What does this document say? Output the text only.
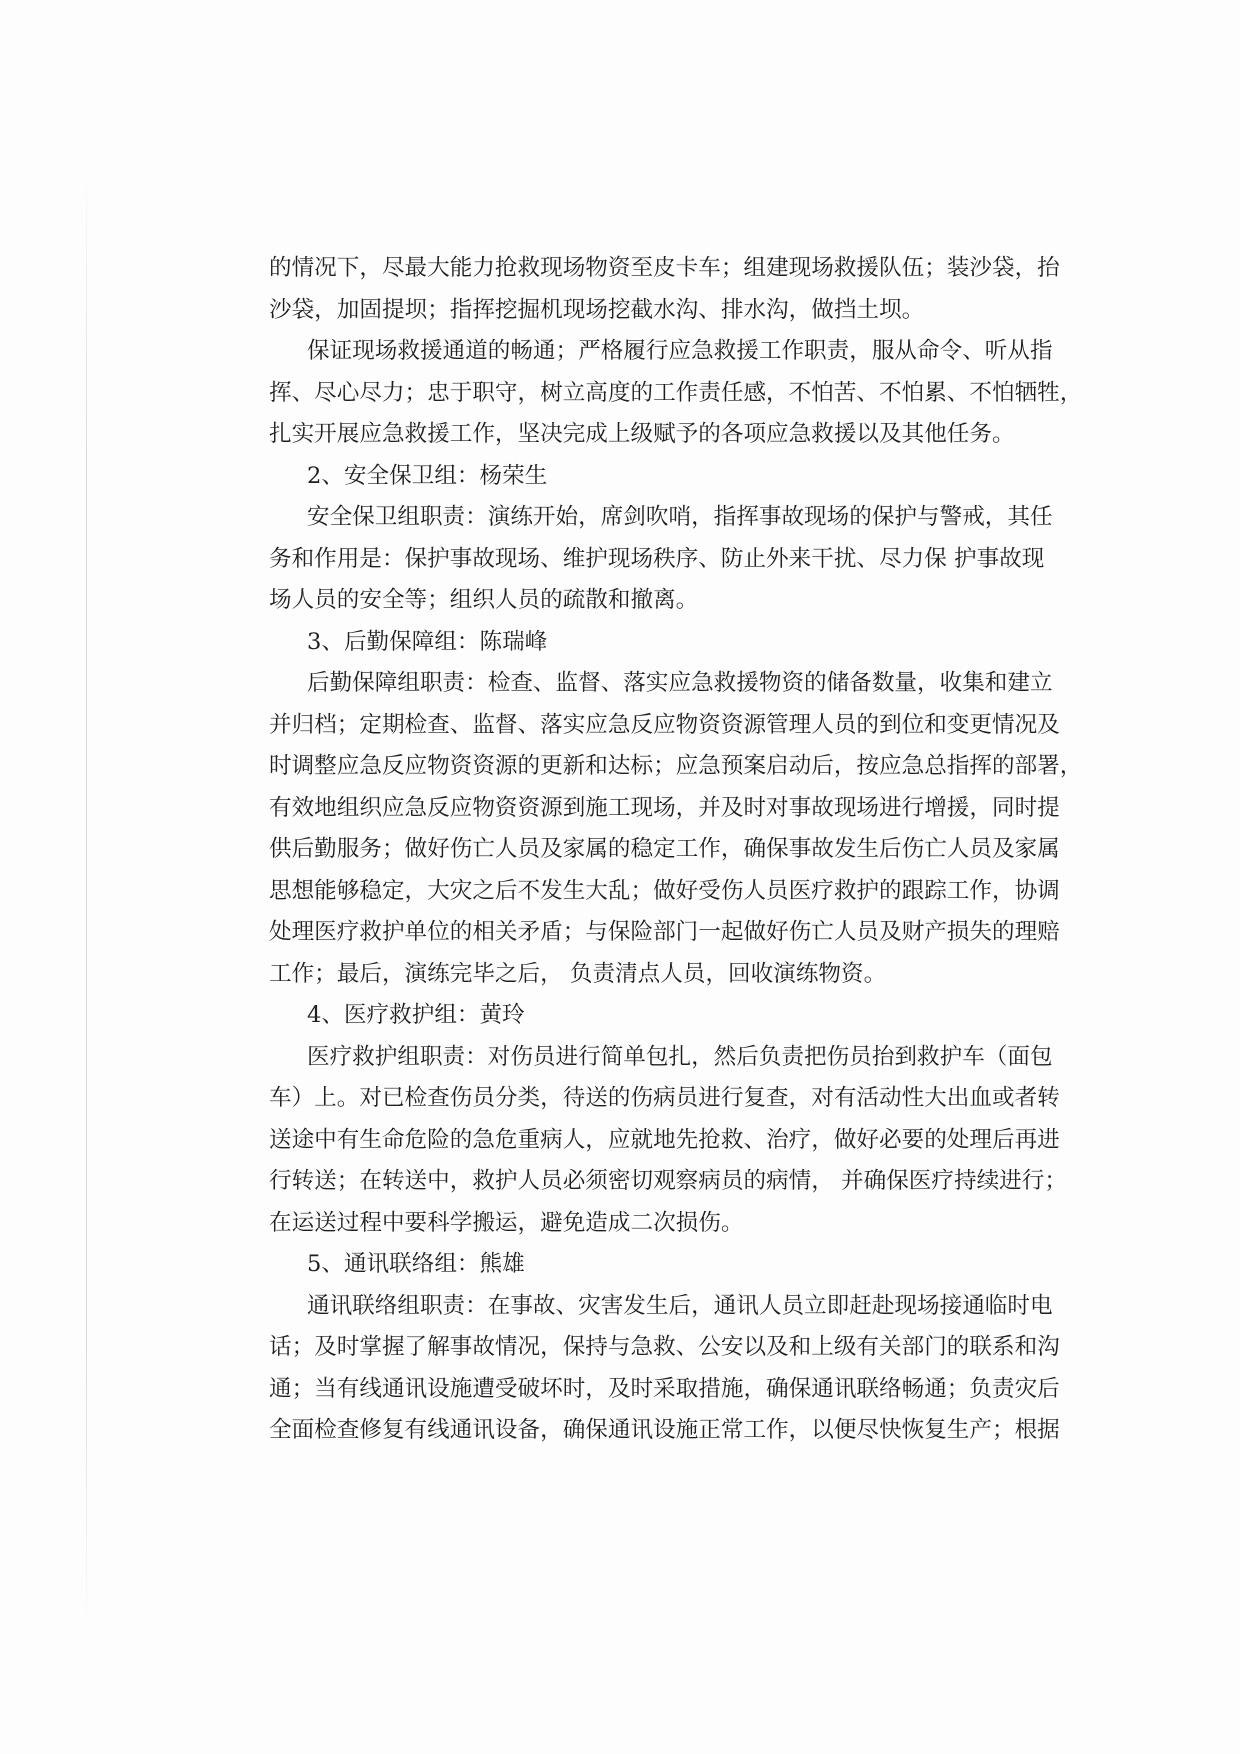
的情况下，尽最大能力抢救现场物资至皮卡车；组建现场救援队伍；装沙袋，抬
沙袋，加固提坝；指挥挖掘机现场挖截水沟、排水沟，做挡土坝。
保证现场救援通道的畅通；严格履行应急救援工作职责，服从命令、听从指
挥、尽心尽力；忠于职守，树立高度的工作责任感，不怕苦、不怕累、不怕牺牲，
扎实开展应急救援工作，坚决完成上级赋予的各项应急救援以及其他任务。
2、安全保卫组：杨荣生
安全保卫组职责：演练开始，席剑吹哨，指挥事故现场的保护与警戒，其任
务和作用是：保护事故现场、维护现场秩序、防止外来干扰、尽力保 护事故现
场人员的安全等；组织人员的疏散和撤离。
3、后勤保障组：陈瑞峰
后勤保障组职责：检查、监督、落实应急救援物资的储备数量，收集和建立
并归档；定期检查、监督、落实应急反应物资资源管理人员的到位和变更情况及
时调整应急反应物资资源的更新和达标；应急预案启动后，按应急总指挥的部署，
有效地组织应急反应物资资源到施工现场，并及时对事故现场进行增援，同时提
供后勤服务；做好伤亡人员及家属的稳定工作，确保事故发生后伤亡人员及家属
思想能够稳定，大灾之后不发生大乱；做好受伤人员医疗救护的跟踪工作，协调
处理医疗救护单位的相关矛盾；与保险部门一起做好伤亡人员及财产损失的理赔
工作；最后，演练完毕之后， 负责清点人员，回收演练物资。
4、医疗救护组：黄玲
医疗救护组职责：对伤员进行简单包扎，然后负责把伤员抬到救护车（面包
车）上。对已检查伤员分类，待送的伤病员进行复查，对有活动性大出血或者转
送途中有生命危险的急危重病人，应就地先抢救、治疗，做好必要的处理后再进
行转送；在转送中，救护人员必须密切观察病员的病情， 并确保医疗持续进行；
在运送过程中要科学搬运，避免造成二次损伤。
5、通讯联络组：熊雄
通讯联络组职责：在事故、灾害发生后，通讯人员立即赶赴现场接通临时电
话；及时掌握了解事故情况，保持与急救、公安以及和上级有关部门的联系和沟
通；当有线通讯设施遭受破坏时，及时采取措施，确保通讯联络畅通；负责灾后
全面检查修复有线通讯设备，确保通讯设施正常工作，以便尽快恢复生产；根据
